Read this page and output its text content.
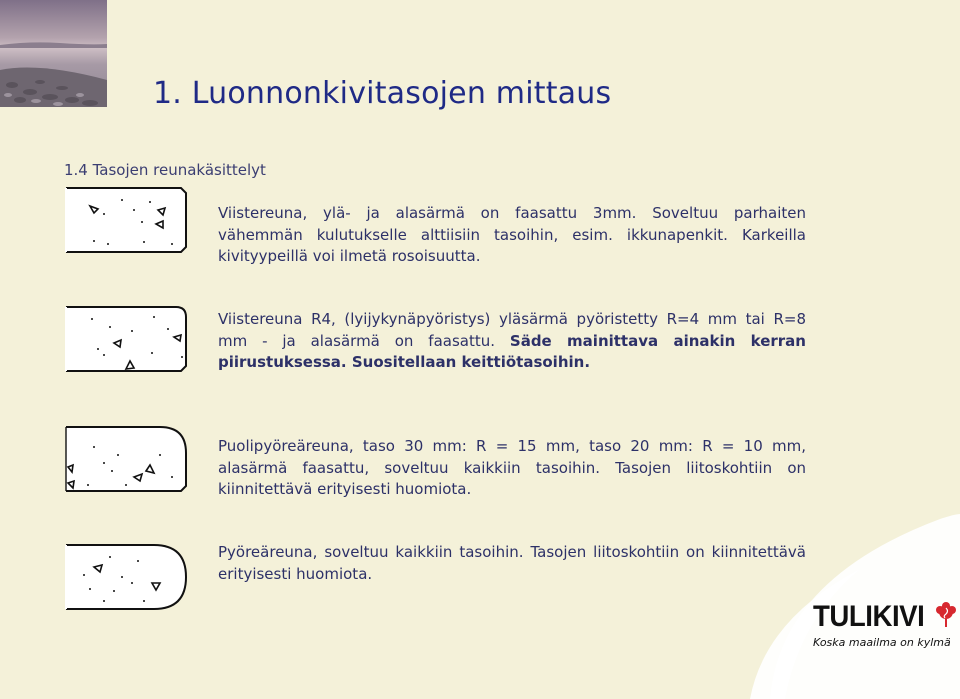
1. Luonnonkivitasojen mittaus
1.4 Tasojen reunakäsittelyt
Viistereuna, ylä- ja alasärmä on faasattu 3mm. Soveltuu parhaiten vähemmän kulutukselle alttiisiin tasoihin, esim. ikkunapenkit. Karkeilla kivityypeillä voi ilmetä rosoisuutta.
Viistereuna R4, (lyijykynäpyöristys) yläsärmä pyöristetty R=4 mm tai R=8 mm - ja alasärmä on faasattu. Säde mainittava ainakin kerran piirustuksessa. Suositellaan keittiötasoihin.
Puolipyöreäreuna, taso 30 mm: R = 15 mm, taso 20 mm: R = 10 mm, alasärmä faasattu, soveltuu kaikkiin tasoihin. Tasojen liitoskohtiin on kiinnitettävä erityisesti huomiota.
Pyöreäreuna, soveltuu kaikkiin tasoihin. Tasojen liitoskohtiin on kiinnitettävä erityisesti huomiota.
TULIKIVI
Koska maailma on kylmä
